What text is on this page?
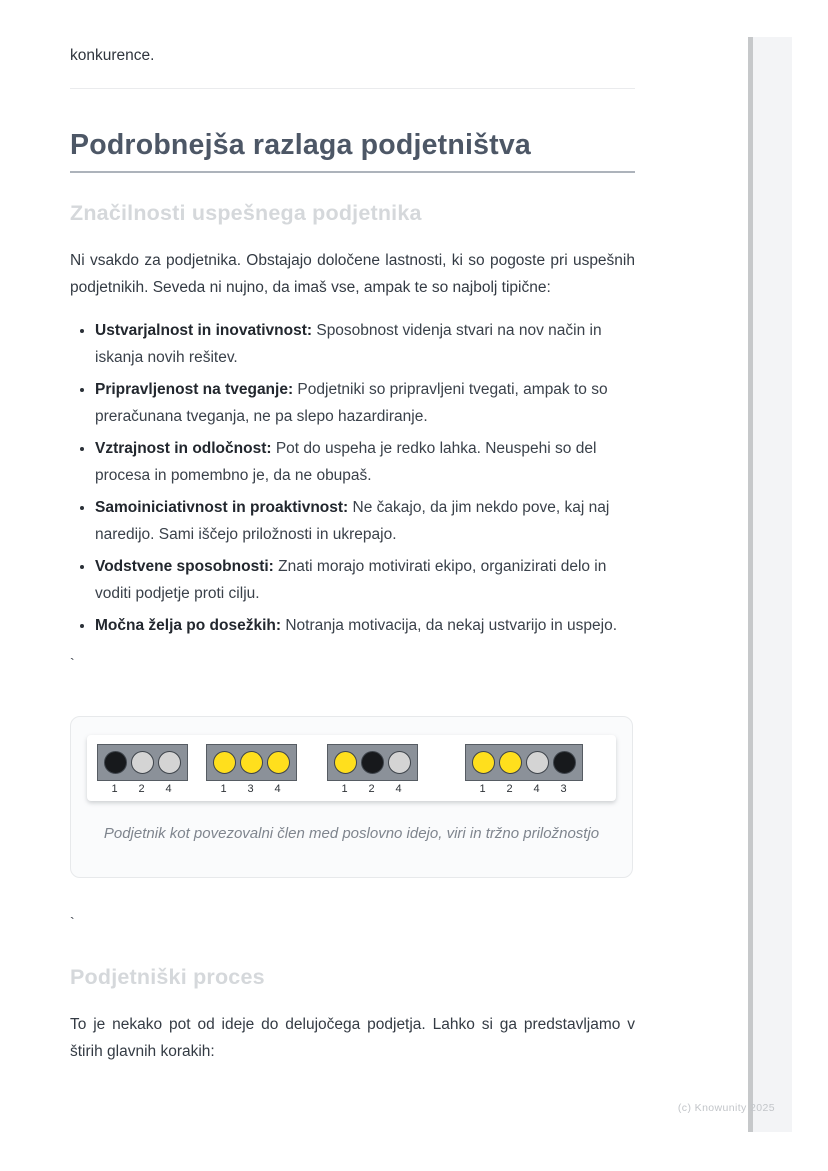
konkurence.

Podrobnejša razlaga podjetništva
Značilnosti uspešnega podjetnika

Ni vsakdo za podjetnika. Obstajajo določene lastnosti, ki so pogoste pri uspešnih podjetnikih. Seveda ni nujno, da imaš vse, ampak te so najbolj tipične:

• Ustvarjalnost in inovativnost: Sposobnost videnja stvari na nov način in iskanja novih rešitev.
• Pripravljenost na tveganje: Podjetniki so pripravljeni tvegati, ampak to so preračunana tveganja, ne pa slepo hazardiranje.
• Vztrajnost in odločnost: Pot do uspeha je redko lahka. Neuspehi so del procesa in pomembno je, da ne obupaš.
• Samoiniciativnost in proaktivnost: Ne čakajo, da jim nekdo pove, kaj naj naredijo. Sami iščejo priložnosti in ukrepajo.
• Vodstvene sposobnosti: Znati morajo motivirati ekipo, organizirati delo in voditi podjetje proti cilju.
• Močna želja po dosežkih: Notranja motivacija, da nekaj ustvarijo in uspejo.
`
1	2	4	1	3	4	1	2	4	1	2	4	3
Podjetnik kot povezovalni člen med poslovno idejo, viri in tržno priložnostjo
`
Podjetniški proces

To je nekako pot od ideje do delujočega podjetja. Lahko si ga predstavljamo v štirih glavnih korakih:

(c) Knowunity 2025
